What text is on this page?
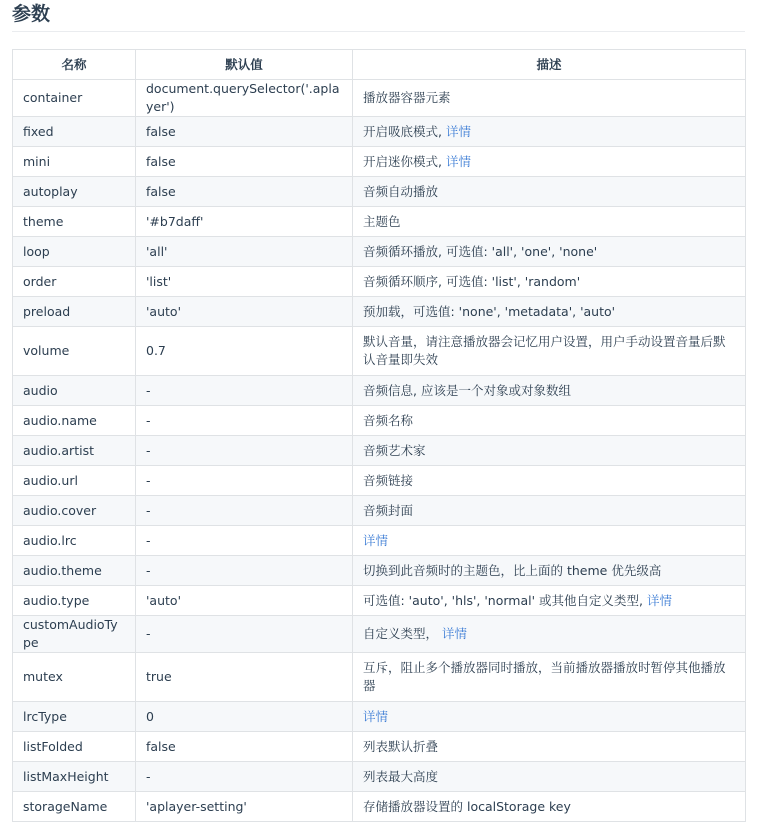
参数
名称	默认值	描述
container	document.querySelector('.aplayer')	播放器容器元素
fixed	false	开启吸底模式, 详情
mini	false	开启迷你模式, 详情
autoplay	false	音频自动播放
theme	'#b7daff'	主题色
loop	'all'	音频循环播放, 可选值: 'all', 'one', 'none'
order	'list'	音频循环顺序, 可选值: 'list', 'random'
preload	'auto'	预加载，可选值: 'none', 'metadata', 'auto'
volume	0.7	默认音量，请注意播放器会记忆用户设置，用户手动设置音量后默认音量即失效
audio	-	音频信息, 应该是一个对象或对象数组
audio.name	-	音频名称
audio.artist	-	音频艺术家
audio.url	-	音频链接
audio.cover	-	音频封面
audio.lrc	-	详情
audio.theme	-	切换到此音频时的主题色，比上面的 theme 优先级高
audio.type	'auto'	可选值: 'auto', 'hls', 'normal' 或其他自定义类型, 详情
customAudioType	-	自定义类型， 详情
mutex	true	互斥，阻止多个播放器同时播放，当前播放器播放时暂停其他播放器
lrcType	0	详情
listFolded	false	列表默认折叠
listMaxHeight	-	列表最大高度
storageName	'aplayer-setting'	存储播放器设置的 localStorage key
